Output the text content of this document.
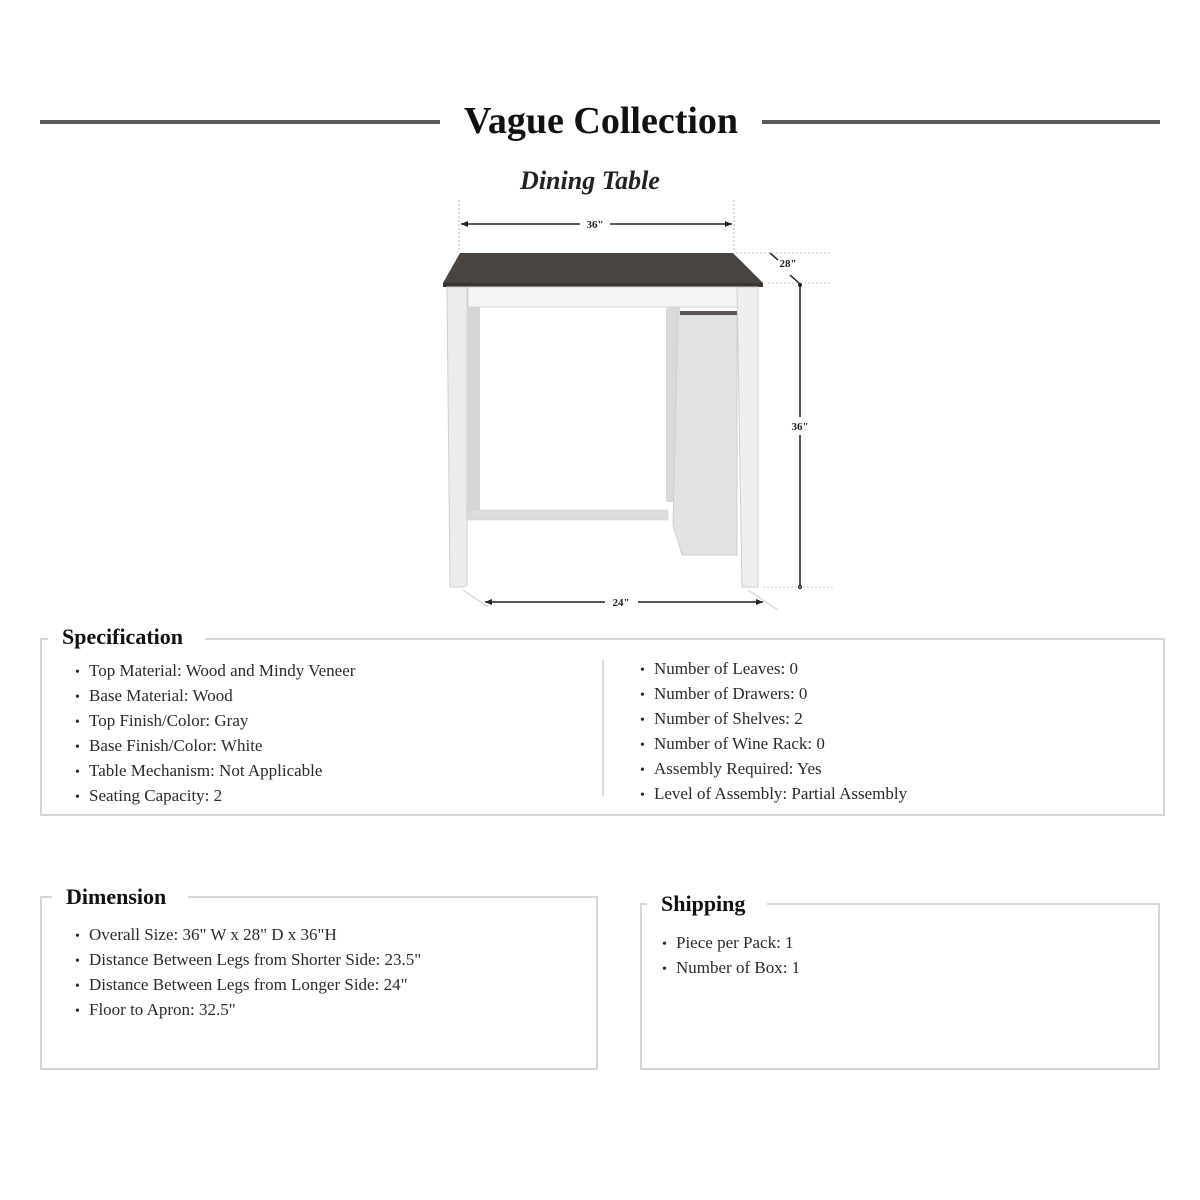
Vague Collection
Dining Table
36"
28"
36"
24"
Specification
• Top Material: Wood and Mindy Veneer
• Base Material: Wood
• Top Finish/Color: Gray
• Base Finish/Color: White
• Table Mechanism: Not Applicable
• Seating Capacity: 2
• Number of Leaves: 0
• Number of Drawers: 0
• Number of Shelves: 2
• Number of Wine Rack: 0
• Assembly Required: Yes
• Level of Assembly: Partial Assembly
Dimension
• Overall Size: 36" W x 28" D x 36"H
• Distance Between Legs from Shorter Side: 23.5"
• Distance Between Legs from Longer Side: 24"
• Floor to Apron: 32.5"
Shipping
• Piece per Pack: 1
• Number of Box: 1
